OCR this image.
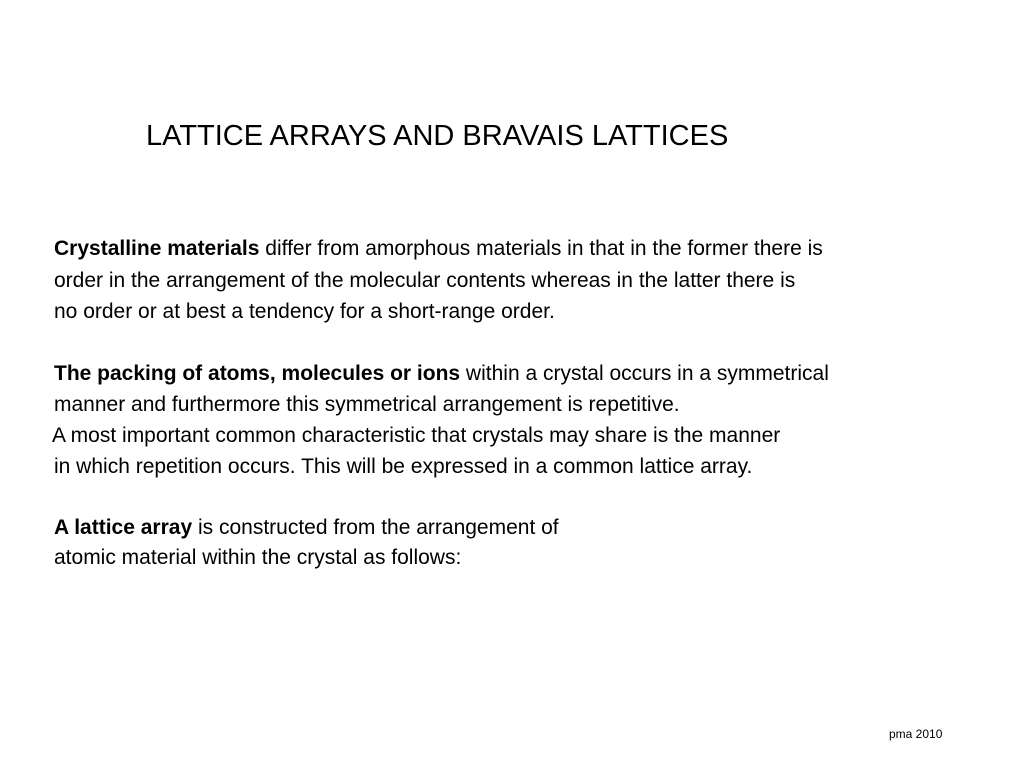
LATTICE ARRAYS AND BRAVAIS LATTICES
Crystalline materials differ from amorphous materials in that in the former there is
order in the arrangement of the molecular contents whereas in the latter there is
no order or at best a tendency for a short-range order.
The packing of atoms, molecules or ions within a crystal occurs in a symmetrical
manner and furthermore this symmetrical arrangement is repetitive.
A most important common characteristic that crystals may share is the manner
in which repetition occurs. This will be expressed in a common lattice array.
A lattice array is constructed from the arrangement of
atomic material within the crystal as follows:
pma 2010
